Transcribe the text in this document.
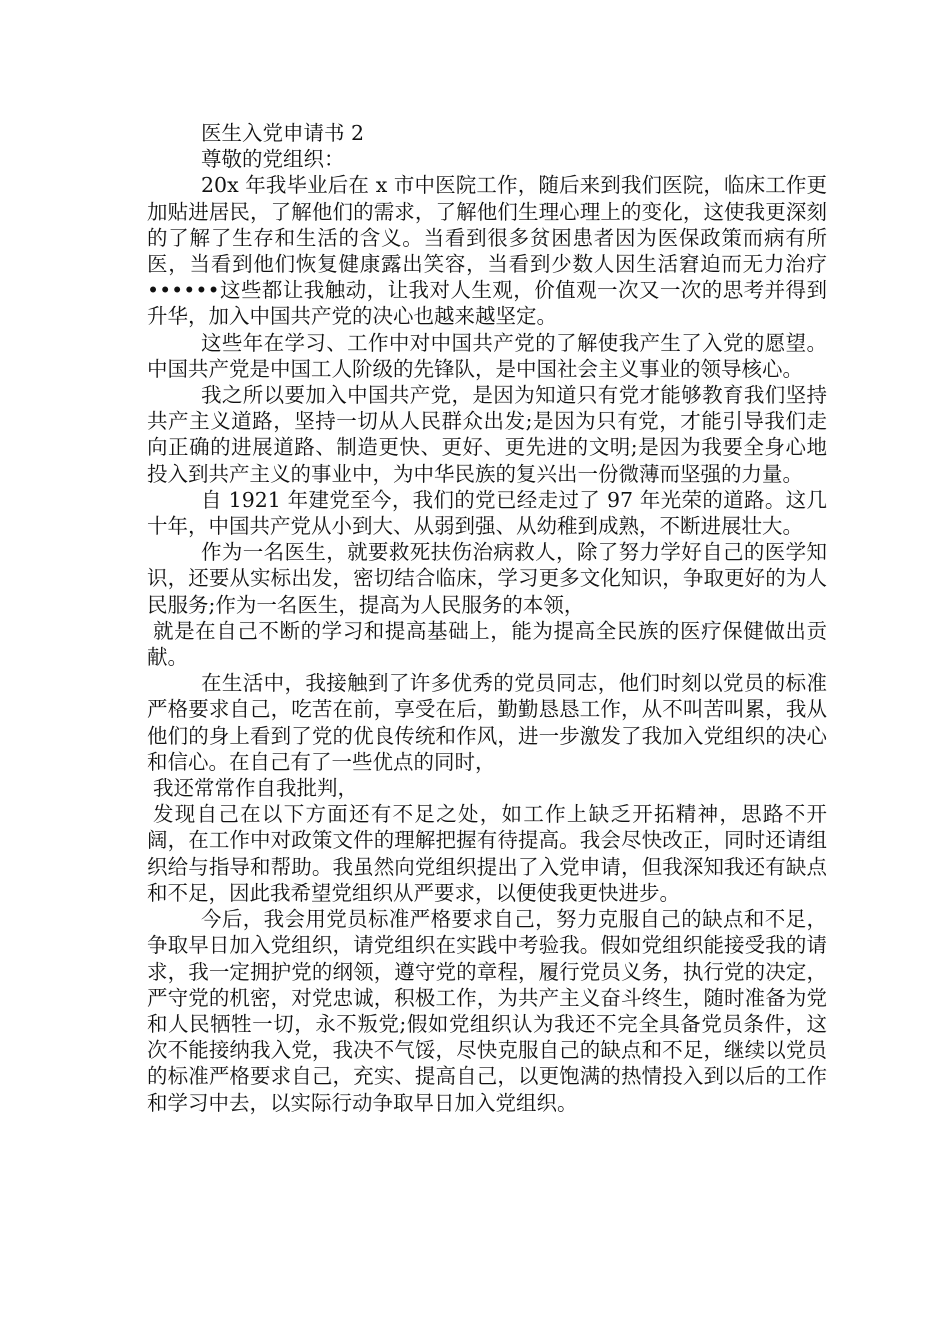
医生入党申请书 2
尊敬的党组织：

20x 年我毕业后在 x 市中医院工作，随后来到我们医院，临床工作更加贴进居民，了解他们的需求，了解他们生理心理上的变化，这使我更深刻的了解了生存和生活的含义。当看到很多贫困患者因为医保政策而病有所医，当看到他们恢复健康露出笑容，当看到少数人因生活窘迫而无力治疗••••••这些都让我触动，让我对人生观，价值观一次又一次的思考并得到升华，加入中国共产党的决心也越来越坚定。

这些年在学习、工作中对中国共产党的了解使我产生了入党的愿望。中国共产党是中国工人阶级的先锋队，是中国社会主义事业的领导核心。

我之所以要加入中国共产党，是因为知道只有党才能够教育我们坚持共产主义道路，坚持一切从人民群众出发;是因为只有党，才能引导我们走向正确的进展道路、制造更快、更好、更先进的文明;是因为我要全身心地投入到共产主义的事业中，为中华民族的复兴出一份微薄而坚强的力量。

自 1921 年建党至今，我们的党已经走过了 97 年光荣的道路。这几十年，中国共产党从小到大、从弱到强、从幼稚到成熟，不断进展壮大。

作为一名医生，就要救死扶伤治病救人，除了努力学好自己的医学知识，还要从实标出发，密切结合临床，学习更多文化知识，争取更好的为人民服务;作为一名医生，提高为人民服务的本领，

就是在自己不断的学习和提高基础上，能为提高全民族的医疗保健做出贡献。

在生活中，我接触到了许多优秀的党员同志，他们时刻以党员的标准严格要求自己，吃苦在前，享受在后，勤勤恳恳工作，从不叫苦叫累，我从他们的身上看到了党的优良传统和作风，进一步激发了我加入党组织的决心和信心。在自己有了一些优点的同时，

我还常常作自我批判，

发现自己在以下方面还有不足之处，如工作上缺乏开拓精神，思路不开阔，在工作中对政策文件的理解把握有待提高。我会尽快改正，同时还请组织给与指导和帮助。我虽然向党组织提出了入党申请，但我深知我还有缺点和不足，因此我希望党组织从严要求，以便使我更快进步。

今后，我会用党员标准严格要求自己，努力克服自己的缺点和不足，争取早日加入党组织，请党组织在实践中考验我。假如党组织能接受我的请求，我一定拥护党的纲领，遵守党的章程，履行党员义务，执行党的决定，严守党的机密，对党忠诚，积极工作，为共产主义奋斗终生，随时准备为党和人民牺牲一切，永不叛党;假如党组织认为我还不完全具备党员条件，这次不能接纳我入党，我决不气馁，尽快克服自己的缺点和不足，继续以党员的标准严格要求自己，充实、提高自己，以更饱满的热情投入到以后的工作和学习中去，以实际行动争取早日加入党组织。
